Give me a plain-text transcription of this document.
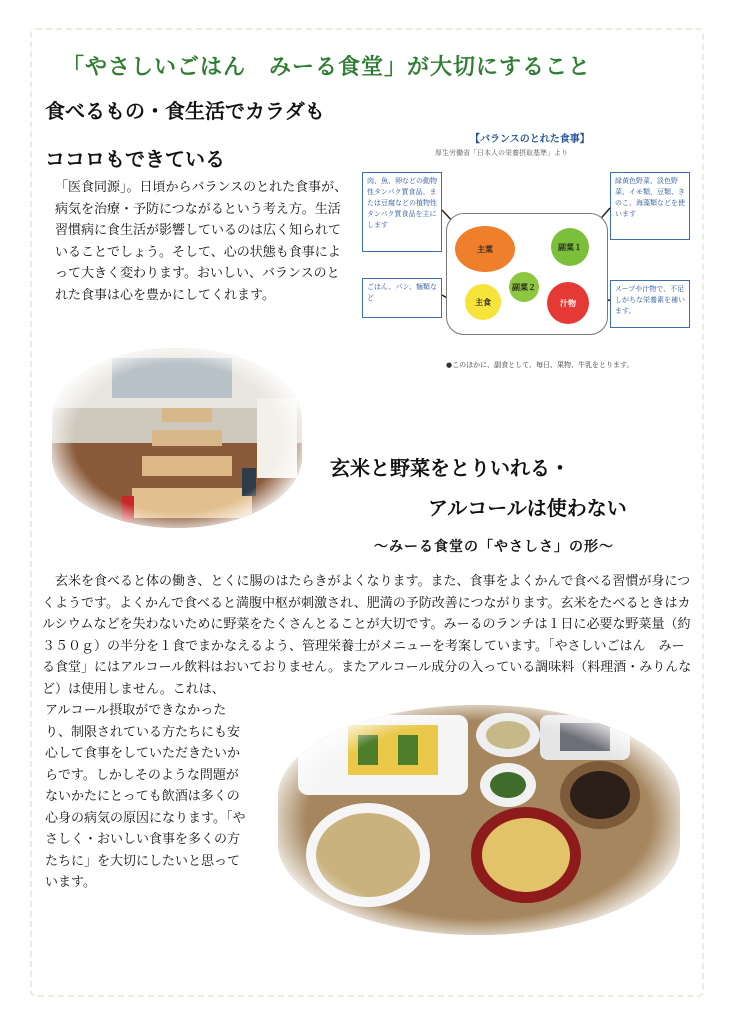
「やさしいごはん　みーる食堂」が大切にすること
食べるもの・食生活でカラダも
ココロもできている
「医食同源」。日頃からバランスのとれた食事が、病気を治療・予防につながるという考え方。生活習慣病に食生活が影響しているのは広く知られていることでしょう。そして、心の状態も食事によって大きく変わります。おいしい、バランスのとれた食事は心を豊かにしてくれます。
【バランスのとれた食事】
厚生労働省「日本人の栄養摂取基準」より
肉、魚、卵などの動物性タンパク質食品、または豆腐などの植物性タンパク質食品を主にします
緑黄色野菜、淡色野菜、イモ類、豆類、きのこ、海藻類などを使います
ごはん、パン、麺類など
スープや汁物で、不足しがちな栄養素を補います。
主菜	副菜１
副菜２
主食	汁物
●このほかに、副食として、毎日、果物、牛乳をとります。
玄米と野菜をとりいれる・
アルコールは使わない
～みーる食堂の「やさしさ」の形～
玄米を食べると体の働き、とくに腸のはたらきがよくなります。また、食事をよくかんで食べる習慣が身につくようです。よくかんで食べると満腹中枢が刺激され、肥満の予防改善につながります。玄米をたべるときはカルシウムなどを失わないために野菜をたくさんとることが大切です。みーるのランチは１日に必要な野菜量（約３５０ｇ）の半分を１食でまかなえるよう、管理栄養士がメニューを考案しています。「やさしいごはん　みーる食堂」にはアルコール飲料はおいておりません。またアルコール成分の入っている調味料（料理酒・みりんなど）は使用しません。これは、
アルコール摂取ができなかったり、制限されている方たちにも安心して食事をしていただきたいからです。しかしそのような問題がないかたにとっても飲酒は多くの心身の病気の原因になります。「やさしく・おいしい食事を多くの方たちに」を大切にしたいと思っています。
